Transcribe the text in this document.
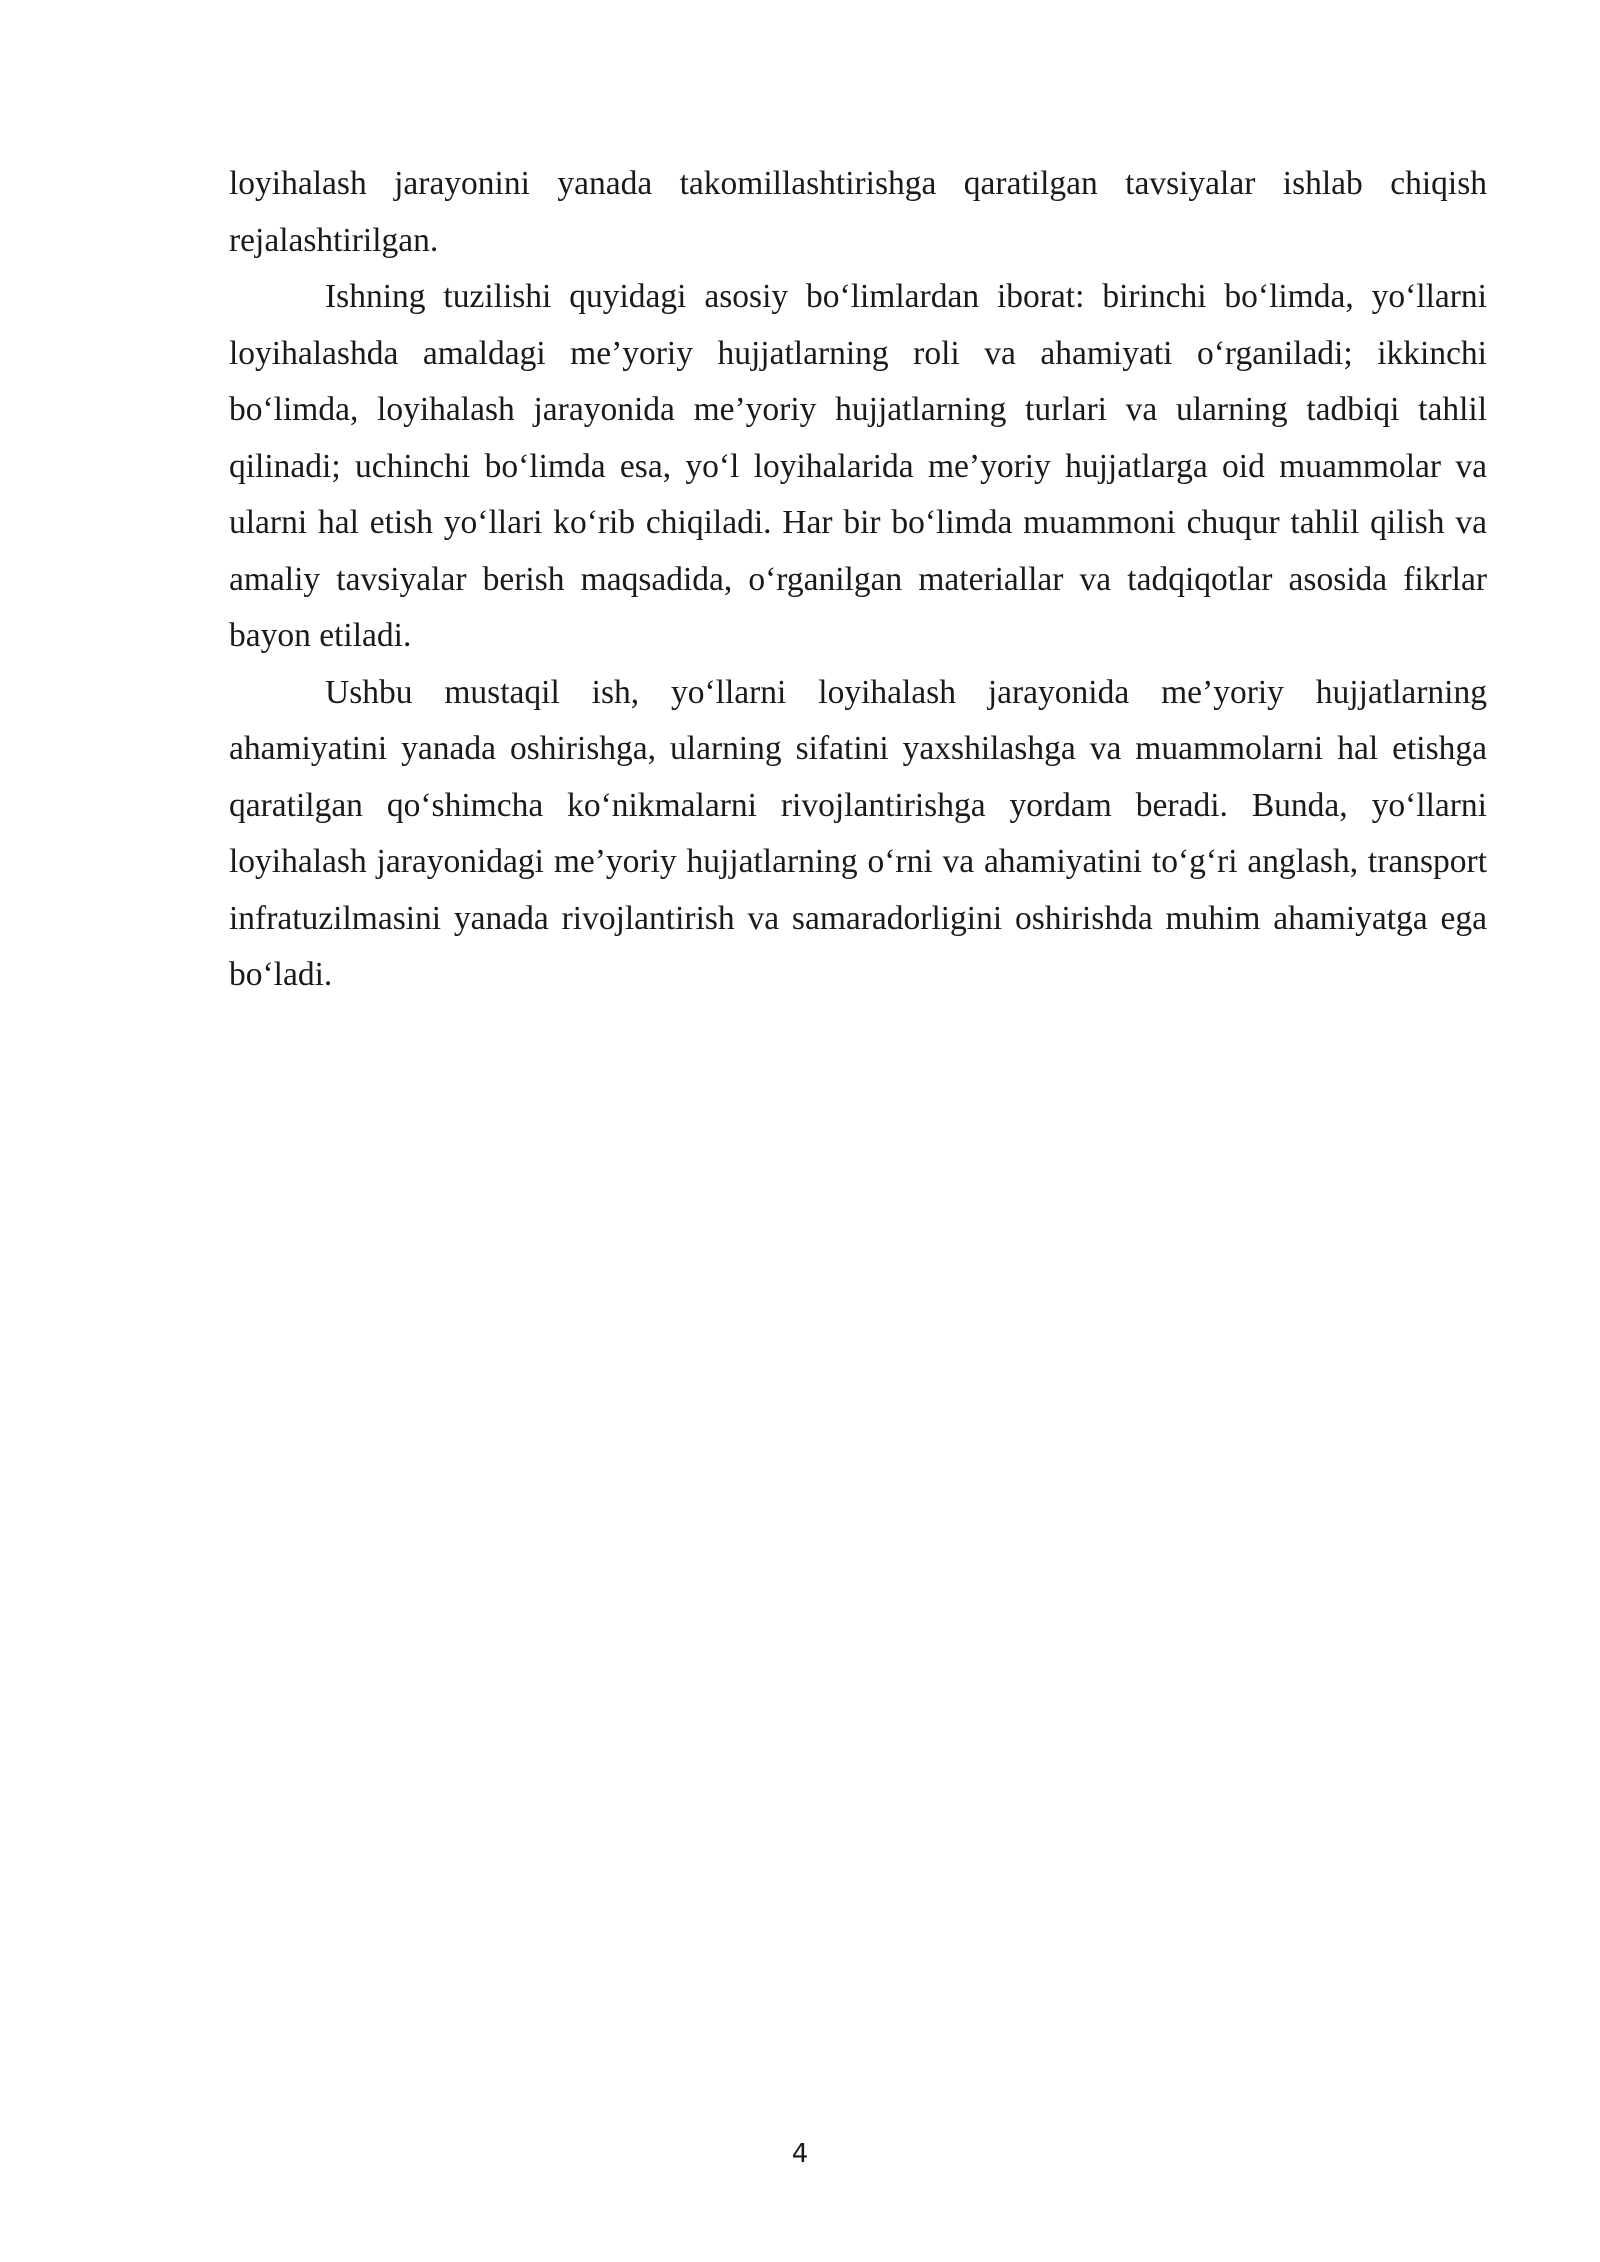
loyihalash jarayonini yanada takomillashtirishga qaratilgan tavsiyalar ishlab chiqish rejalashtirilgan.

Ishning tuzilishi quyidagi asosiy bo‘limlardan iborat: birinchi bo‘limda, yo‘llarni loyihalashda amaldagi me’yoriy hujjatlarning roli va ahamiyati o‘rganiladi; ikkinchi bo‘limda, loyihalash jarayonida me’yoriy hujjatlarning turlari va ularning tadbiqi tahlil qilinadi; uchinchi bo‘limda esa, yo‘l loyihalarida me’yoriy hujjatlarga oid muammolar va ularni hal etish yo‘llari ko‘rib chiqiladi. Har bir bo‘limda muammoni chuqur tahlil qilish va amaliy tavsiyalar berish maqsadida, o‘rganilgan materiallar va tadqiqotlar asosida fikrlar bayon etiladi.

Ushbu mustaqil ish, yo‘llarni loyihalash jarayonida me’yoriy hujjatlarning ahamiyatini yanada oshirishga, ularning sifatini yaxshilashga va muammolarni hal etishga qaratilgan qo‘shimcha ko‘nikmalarni rivojlantirishga yordam beradi. Bunda, yo‘llarni loyihalash jarayonidagi me’yoriy hujjatlarning o‘rni va ahamiyatini to‘g‘ri anglash, transport infratuzilmasini yanada rivojlantirish va samaradorligini oshirishda muhim ahamiyatga ega bo‘ladi.

4
